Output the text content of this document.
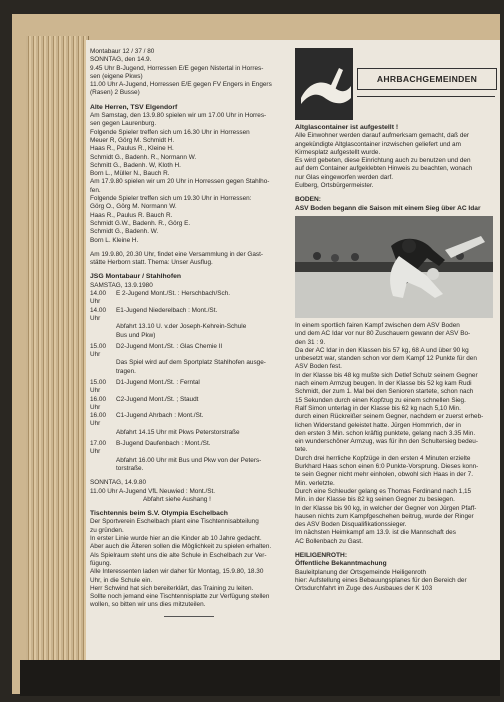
Montabaur 12 / 37 / 80
SONNTAG, den 14.9.
9.45 Uhr B-Jugend, Horressen E/E gegen Nistertal in Horres-
sen (eigene Pkws)
11.00 Uhr A-Jugend, Horressen E/E gegen FV Engers in Engers
(Rasen) 2 Busse)
Alte Herren, TSV Elgendorf
Am Samstag, den 13.9.80 spielen wir um 17.00 Uhr in Horres-
sen gegen Laurenburg.
Folgende Spieler treffen sich um 16.30 Uhr in Horressen
Meuer R, Görg M. Schmidt H.
Haas R., Paulus R., Kleine H.
Schmidt G., Badenh. R., Normann W.
Schmitt G., Badenh. W, Kloth H.
Born L., Müller N., Bauch R.
Am 17.9.80 spielen wir um 20 Uhr in Horressen gegen Stahlho-
fen.
Folgende Spieler treffen sich um 19.30 Uhr in Horressen:
Görg O., Görg M. Normann W.
Haas R., Paulus R. Bauch R.
Schmidt G.W., Badenh. R., Görg E.
Schmidt G., Badenh. W.
Born L. Kleine H.
Am 19.9.80, 20.30 Uhr, findet eine Versammlung in der Gast-
stätte Herborn statt. Thema: Unser Ausflug.
JSG Montabaur / Stahlhofen
SAMSTAG, 13.9.1980
14.00 Uhr
E 2-Jugend Mont./St. : Herschbach/Sch.
14.00 Uhr
E1-Jugend Niederelbach : Mont./St.
Abfahrt 13.10 U. v.der Joseph-Kehrein-Schule
Bus und Pkw)
15.00 Uhr
D2-Jugend Mont./St. : Glas Chemie II
Das Spiel wird auf dem Sportplatz Stahlhofen ausge-
tragen.
15.00 Uhr
D1-Jugend Mont./St. : Ferntal
16.00 Uhr
C2-Jugend Mont./St. ; Staudt
16.00 Uhr
C1-Jugend Ahrbach : Mont./St.
Abfahrt 14.15 Uhr mit Pkws Peterstorstraße
17.00 Uhr
B-Jugend Daufenbach : Mont./St.
Abfahrt 16.00 Uhr mit Bus und Pkw von der Peters-
torstraße.
SONNTAG, 14.9.80
11.00 Uhr A-Jugend VfL Neuwied : Mont./St.
Abfahrt siehe Aushang !
Tischtennis beim S.V. Olympia Eschelbach
Der Sportverein Eschelbach plant eine Tischtennisabteilung
zu gründen.
In erster Linie wurde hier an die Kinder ab 10 Jahre gedacht.
Aber auch die Älteren sollen die Möglichkeit zu spielen erhalten.
Als Spielraum steht uns die alte Schule in Eschelbach zur Ver-
fügung.
Alle Interessenten laden wir daher für Montag, 15.9.80, 18.30
Uhr, in die Schule ein.
Herr Schwind hat sich bereiterklärt, das Training zu leiten.
Sollte noch jemand eine Tischtennisplatte zur Verfügung stellen
wollen, so bitten wir uns dies mitzuteilen.
AHRBACHGEMEINDEN
Altglascontainer ist aufgestellt !
Alle Einwohner werden darauf aufmerksam gemacht, daß der
angekündigte Altglascontainer inzwischen geliefert und am
Kirmesplatz aufgestellt wurde.
Es wird gebeten, diese Einrichtung auch zu benutzen und den
auf dem Container aufgeklebten Hinweis zu beachten, wonach
nur Glas eingeworfen werden darf.
Eulberg, Ortsbürgermeister.
BODEN:
ASV Boden begann die Saison mit einem Sieg über AC Idar
In einem sportlich fairen Kampf zwischen dem ASV Boden
und dem AC Idar vor nur 80 Zuschauern gewann der ASV Bo-
den 31 : 9.
Da der AC Idar in den Klassen bis 57 kg, 68 A und über 90 kg
unbesetzt war, standen schon vor dem Kampf 12 Punkte für den
ASV Boden fest.
In der Klasse bis 48 kg mußte sich Detlef Schulz seinem Gegner
nach einem Armzug beugen. In der Klasse bis 52 kg kam Rudi
Schmidt, der zum 1. Mal bei den Senioren startete, schon nach
15 Sekunden durch einen Kopfzug zu einem schnellen Sieg.
Ralf Simon unterlag in der Klasse bis 62 kg nach 5,10 Min.
durch einen Rückreißer seinem Gegner, nachdem er zuerst erheb-
lichen Widerstand geleistet hatte. Jürgen Hommrich, der in
den ersten 3 Min. schon kräftig punktete, gelang nach 3.35 Min.
ein wunderschöner Armzug, was für ihn den Schultersieg bedeu-
tete.
Durch drei herrliche Kopfzüge in den ersten 4 Minuten erzielte
Burkhard Haas schon einen 6:0 Punkte-Vorsprung. Dieses konn-
te sein Gegner nicht mehr einholen, obwohl sich Haas in der 7.
Min. verletzte.
Durch eine Schleuder gelang es Thomas Ferdinand nach 1,15
Min. in der Klasse bis 82 kg seinen Gegner zu besiegen.
In der Klasse bis 90 kg, in welcher der Gegner von Jürgen Pfaff-
hausen nichts zum Kampfgeschehen beitrug, wurde der Ringer
des ASV Boden Disqualifikationssieger.
Im nächsten Heimkampf am 13.9. ist die Mannschaft des
AC Bollenbach zu Gast.
HEILIGENROTH:
Öffentliche Bekanntmachung
Bauleitplanung der Ortsgemeinde Heiligenroth
hier: Aufstellung eines Bebauungsplanes für den Bereich der
Ortsdurchfahrt im Zuge des Ausbaues der K 103
